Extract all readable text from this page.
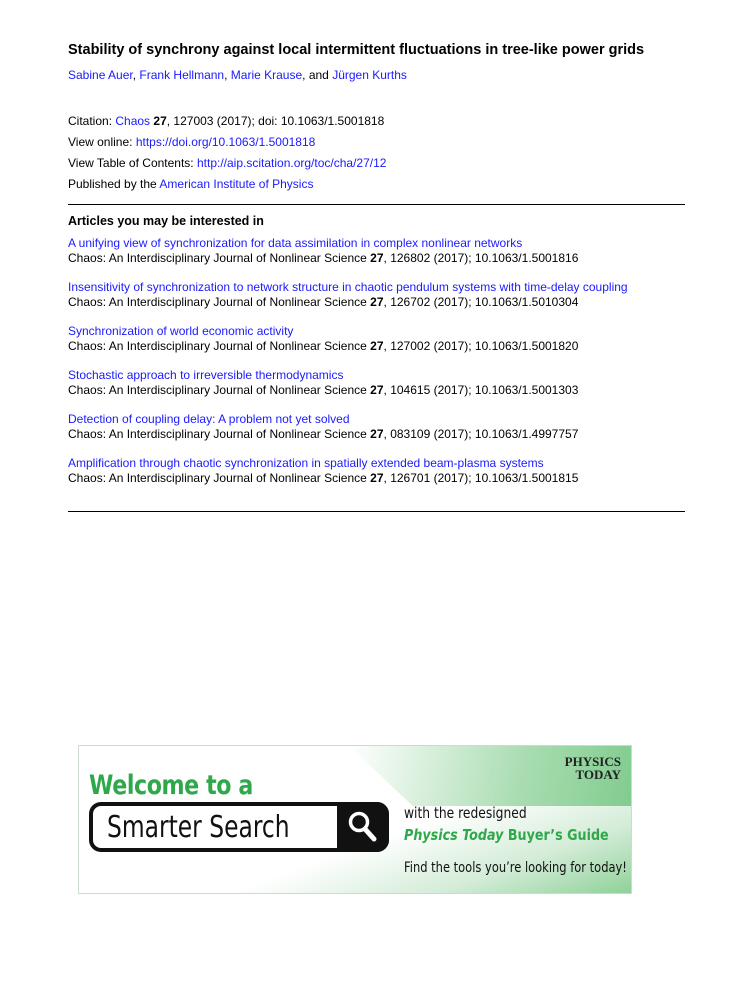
Stability of synchrony against local intermittent fluctuations in tree-like power grids
Sabine Auer, Frank Hellmann, Marie Krause, and Jürgen Kurths
Citation: Chaos 27, 127003 (2017); doi: 10.1063/1.5001818
View online: https://doi.org/10.1063/1.5001818
View Table of Contents: http://aip.scitation.org/toc/cha/27/12
Published by the American Institute of Physics
Articles you may be interested in
A unifying view of synchronization for data assimilation in complex nonlinear networks
Chaos: An Interdisciplinary Journal of Nonlinear Science 27, 126802 (2017); 10.1063/1.5001816
Insensitivity of synchronization to network structure in chaotic pendulum systems with time-delay coupling
Chaos: An Interdisciplinary Journal of Nonlinear Science 27, 126702 (2017); 10.1063/1.5010304
Synchronization of world economic activity
Chaos: An Interdisciplinary Journal of Nonlinear Science 27, 127002 (2017); 10.1063/1.5001820
Stochastic approach to irreversible thermodynamics
Chaos: An Interdisciplinary Journal of Nonlinear Science 27, 104615 (2017); 10.1063/1.5001303
Detection of coupling delay: A problem not yet solved
Chaos: An Interdisciplinary Journal of Nonlinear Science 27, 083109 (2017); 10.1063/1.4997757
Amplification through chaotic synchronization in spatially extended beam-plasma systems
Chaos: An Interdisciplinary Journal of Nonlinear Science 27, 126701 (2017); 10.1063/1.5001815
PHYSICS
TODAY
Welcome to a
Smarter Search	with the redesigned
Physics Today Buyer’s Guide
Find the tools you’re looking for today!
